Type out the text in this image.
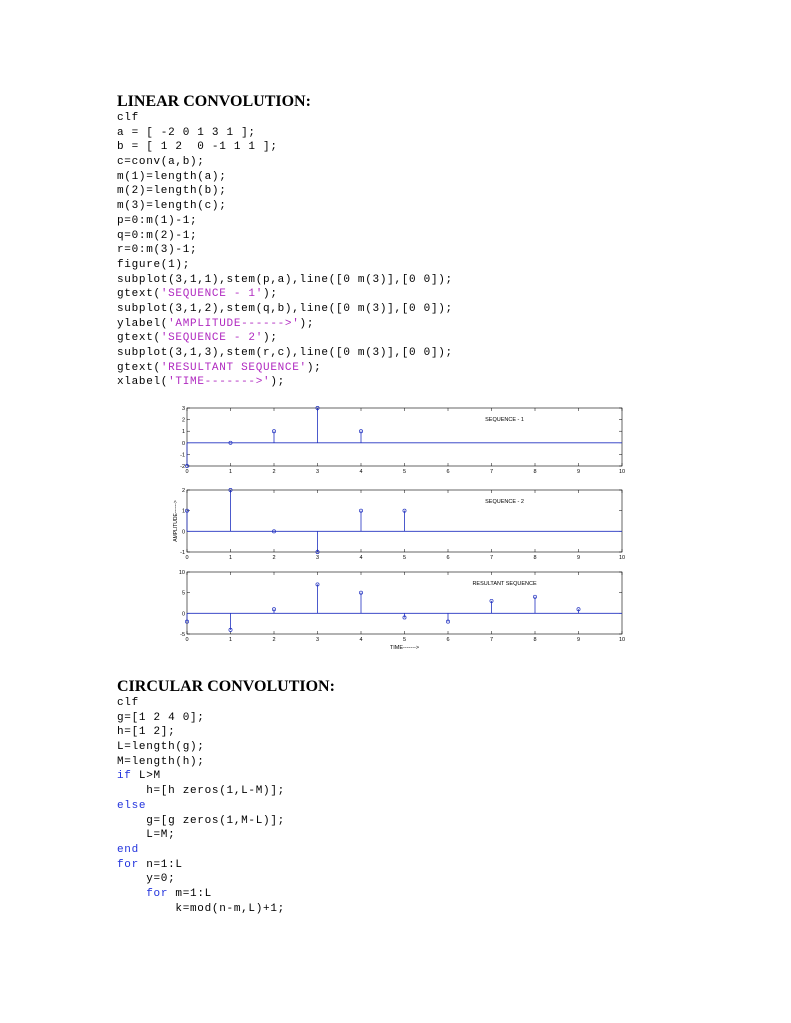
LINEAR CONVOLUTION:
clf
a = [ -2 0 1 3 1 ];
b = [ 1 2  0 -1 1 1 ];
c=conv(a,b);
m(1)=length(a);
m(2)=length(b);
m(3)=length(c);
p=0:m(1)-1;
q=0:m(2)-1;
r=0:m(3)-1;
figure(1);
subplot(3,1,1),stem(p,a),line([0 m(3)],[0 0]);
gtext('SEQUENCE - 1');
subplot(3,1,2),stem(q,b),line([0 m(3)],[0 0]);
ylabel('AMPLITUDE------>');
gtext('SEQUENCE - 2');
subplot(3,1,3),stem(r,c),line([0 m(3)],[0 0]);
gtext('RESULTANT SEQUENCE');
xlabel('TIME------->');
0	1	2	3	4	5	6	7	8	9	10
3
2
1
0
-1
-2
SEQUENCE - 1
0	1	2	3	4	5	6	7	8	9	10
2
1
0
-1
SEQUENCE - 2
AMPLITUDE------>
0	1	2	3	4	5	6	7	8	9	10
10
5
0
-5
RESULTANT SEQUENCE
TIME------->
CIRCULAR CONVOLUTION:
clf
g=[1 2 4 0];
h=[1 2];
L=length(g);
M=length(h);
if L>M
h=[h zeros(1,L-M)];
else
g=[g zeros(1,M-L)];
L=M;
end
for n=1:L
y=0;
for m=1:L
k=mod(n-m,L)+1;
